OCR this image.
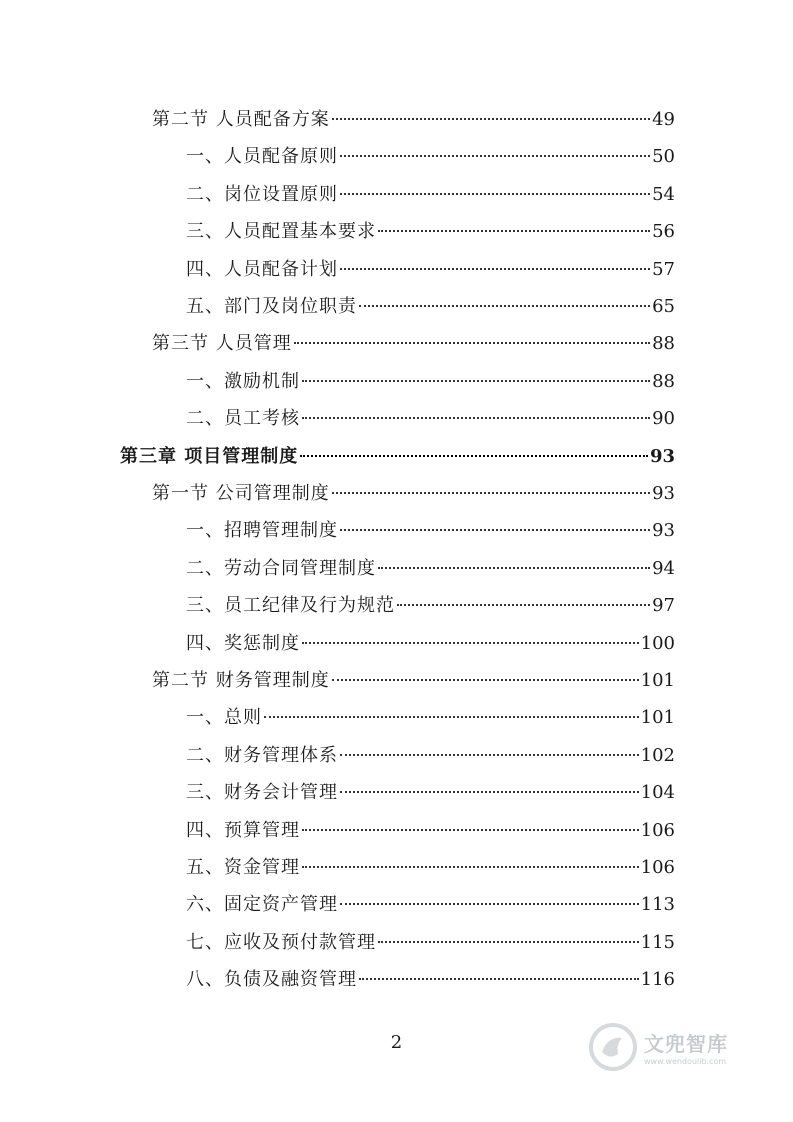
第二节 人员配备方案	49
一、人员配备原则	50
二、岗位设置原则	54
三、人员配置基本要求	56
四、人员配备计划	57
五、部门及岗位职责	65
第三节 人员管理	88
一、激励机制	88
二、员工考核	90
第三章 项目管理制度	93
第一节 公司管理制度	93
一、招聘管理制度	93
二、劳动合同管理制度	94
三、员工纪律及行为规范	97
四、奖惩制度	100
第二节 财务管理制度	101
一、总则	101
二、财务管理体系	102
三、财务会计管理	104
四、预算管理	106
五、资金管理	106
六、固定资产管理	113
七、应收及预付款管理	115
八、负债及融资管理	116
2	文兜智库
www.wendoulib.com
